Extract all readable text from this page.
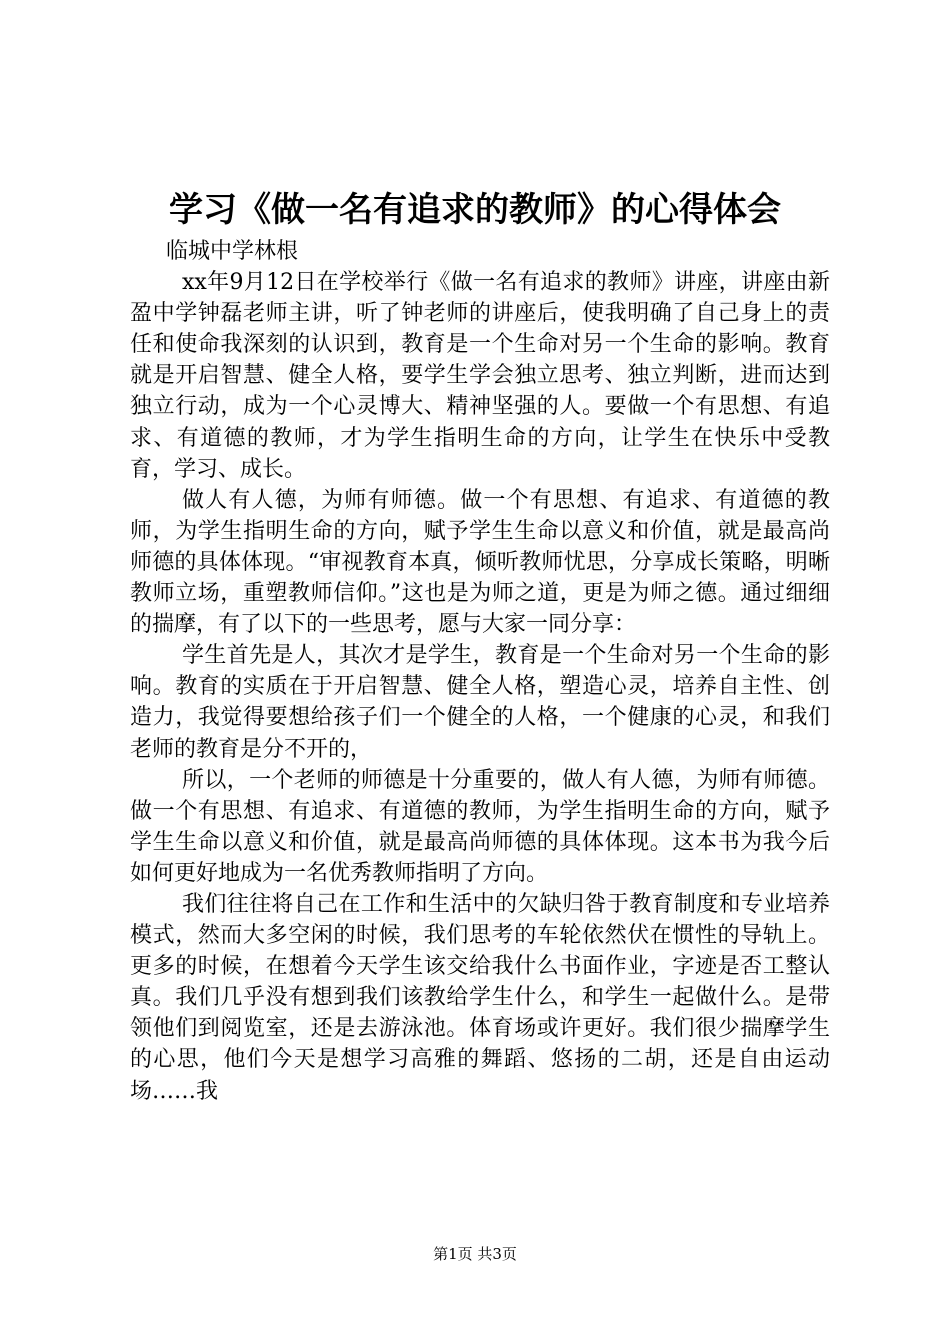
学习《做一名有追求的教师》的心得体会

临城中学林根

xx年9月12日在学校举行《做一名有追求的教师》讲座，讲座由新盈中学钟磊老师主讲，听了钟老师的讲座后，使我明确了自己身上的责任和使命我深刻的认识到，教育是一个生命对另一个生命的影响。教育就是开启智慧、健全人格，要学生学会独立思考、独立判断，进而达到独立行动，成为一个心灵博大、精神坚强的人。要做一个有思想、有追求、有道德的教师，才为学生指明生命的方向，让学生在快乐中受教育，学习、成长。

做人有人德，为师有师德。做一个有思想、有追求、有道德的教师，为学生指明生命的方向，赋予学生生命以意义和价值，就是最高尚师德的具体体现。“审视教育本真，倾听教师忧思，分享成长策略，明晰教师立场，重塑教师信仰。”这也是为师之道，更是为师之德。通过细细的揣摩，有了以下的一些思考，愿与大家一同分享：

学生首先是人，其次才是学生，教育是一个生命对另一个生命的影响。教育的实质在于开启智慧、健全人格，塑造心灵，培养自主性、创造力，我觉得要想给孩子们一个健全的人格，一个健康的心灵，和我们老师的教育是分不开的，

所以，一个老师的师德是十分重要的，做人有人德，为师有师德。做一个有思想、有追求、有道德的教师，为学生指明生命的方向，赋予学生生命以意义和价值，就是最高尚师德的具体体现。这本书为我今后如何更好地成为一名优秀教师指明了方向。

我们往往将自己在工作和生活中的欠缺归咎于教育制度和专业培养模式，然而大多空闲的时候，我们思考的车轮依然伏在惯性的导轨上。更多的时候，在想着今天学生该交给我什么书面作业，字迹是否工整认真。我们几乎没有想到我们该教给学生什么，和学生一起做什么。是带领他们到阅览室，还是去游泳池。体育场或许更好。我们很少揣摩学生的心思，他们今天是想学习高雅的舞蹈、悠扬的二胡，还是自由运动场……我

第1页 共3页
